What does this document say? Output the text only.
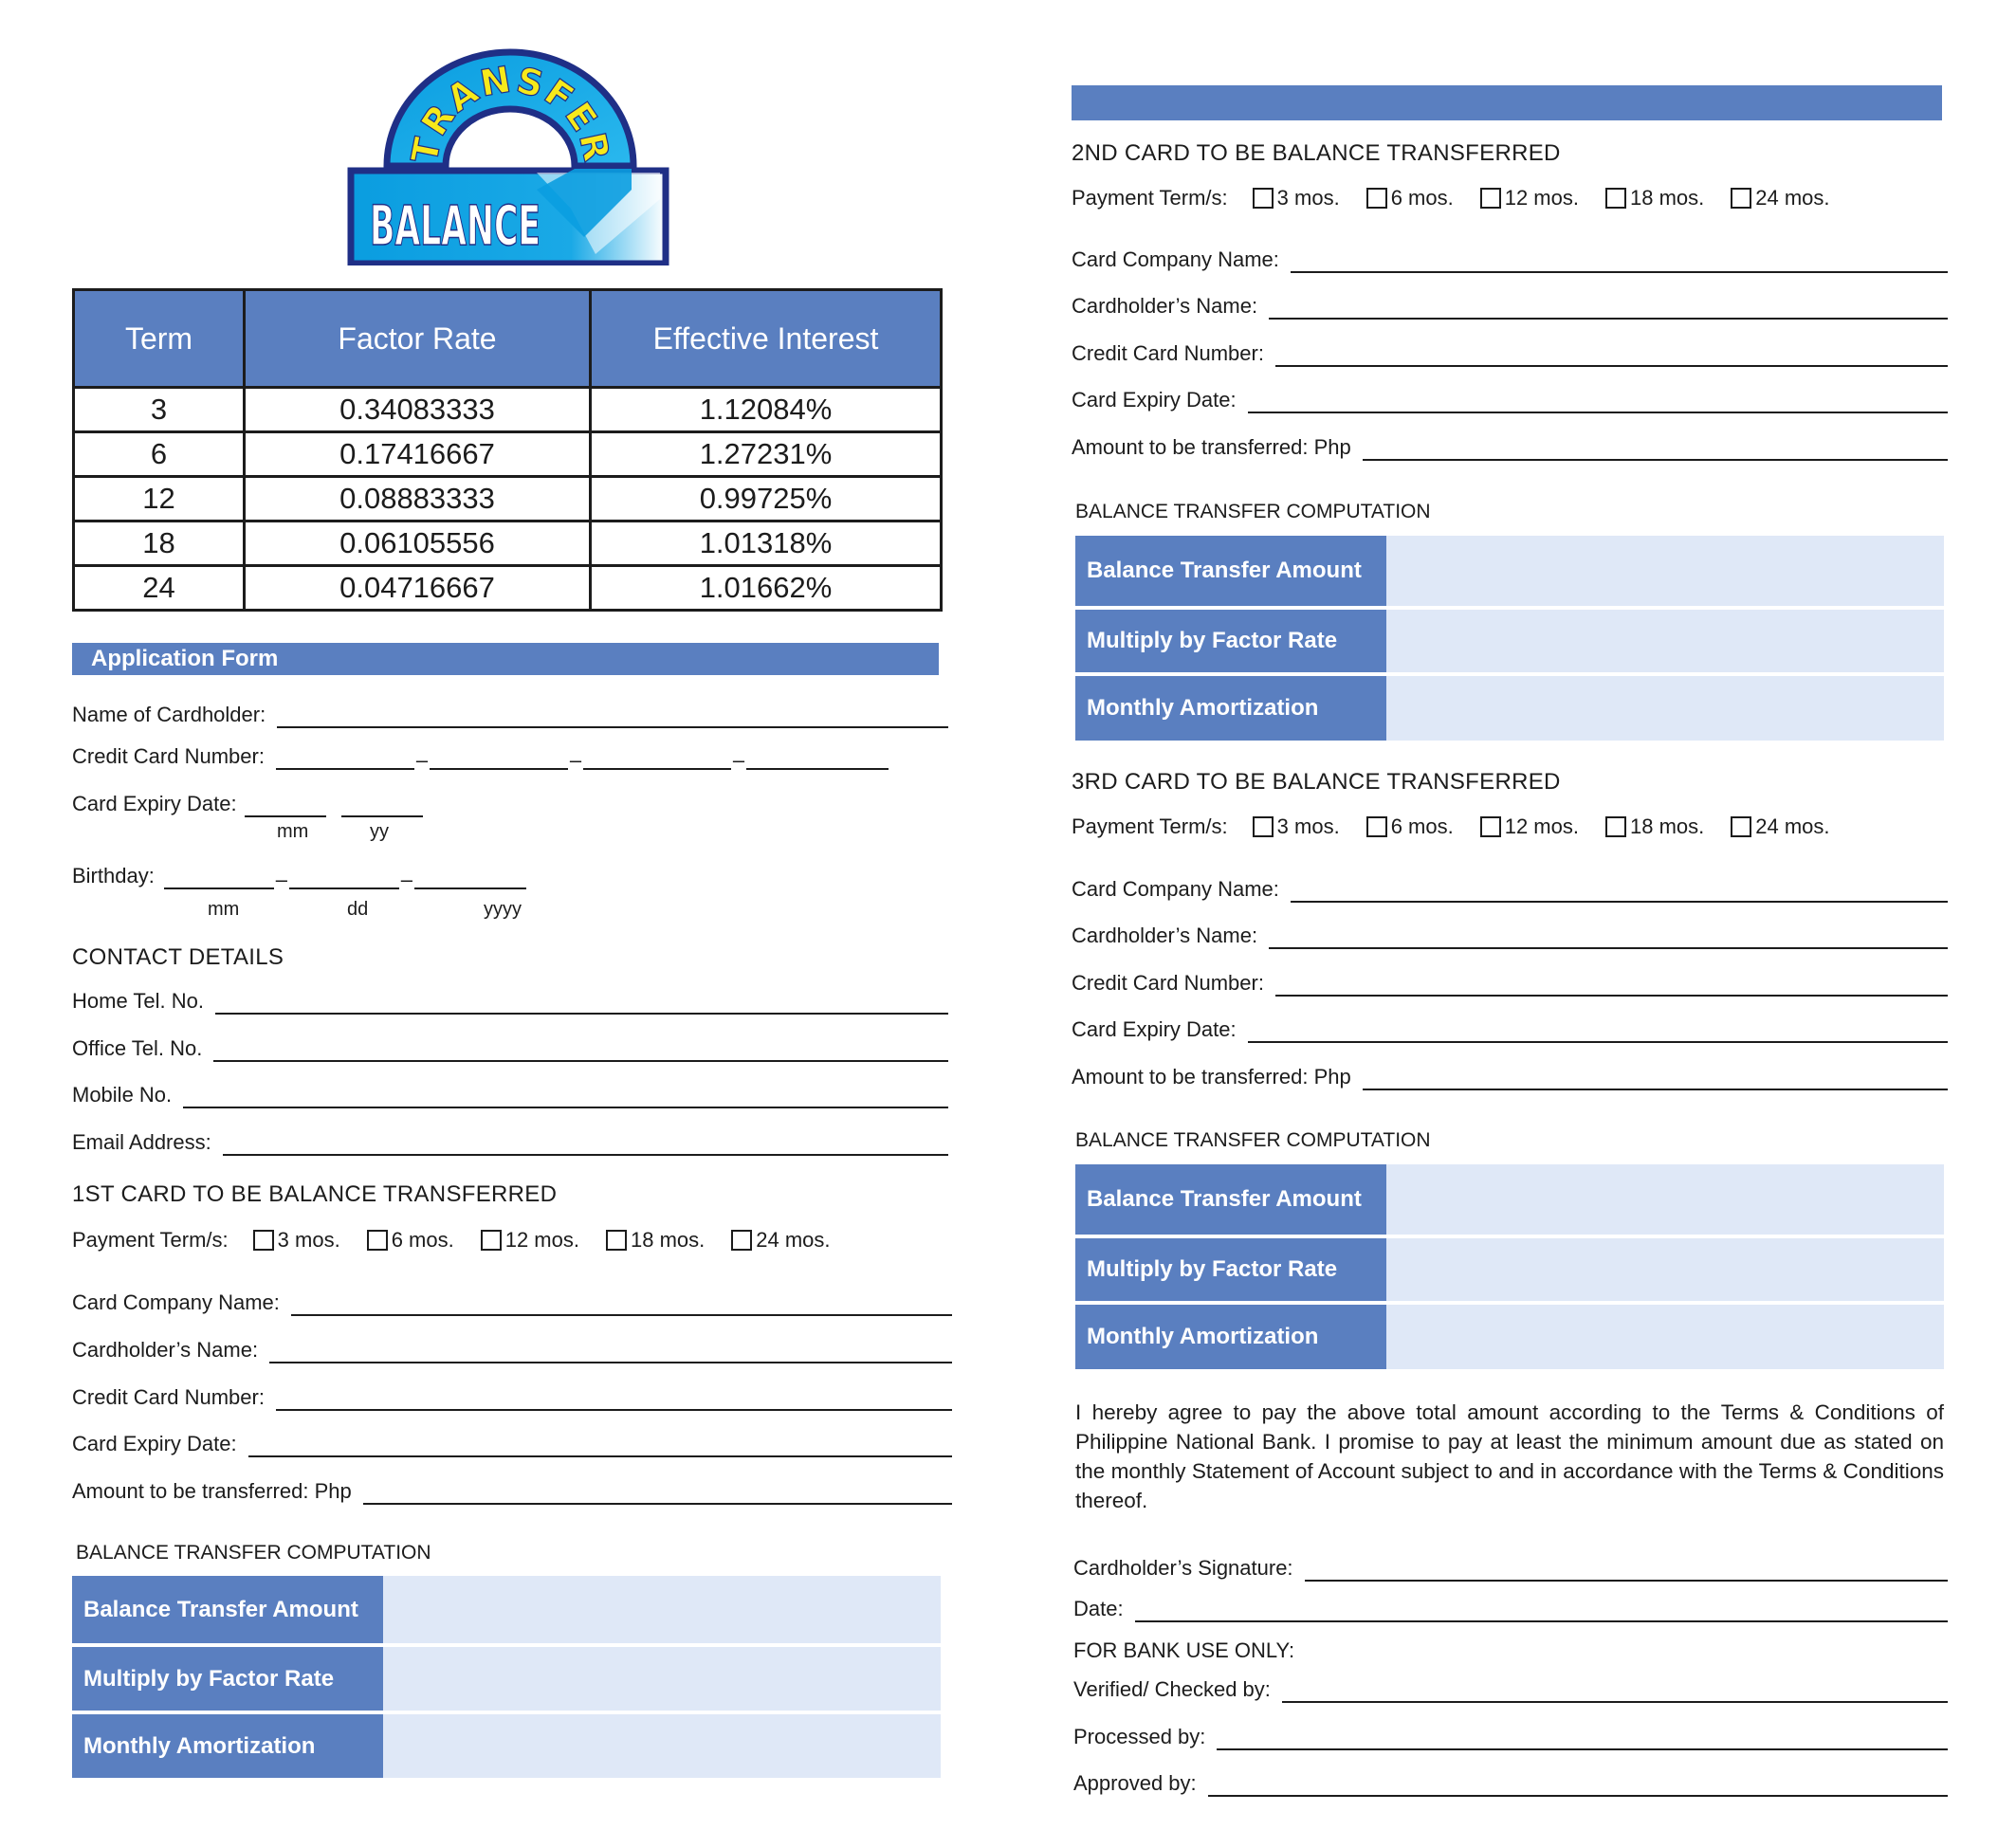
TRANSFER
BALANCE
Term	Factor Rate	Effective Interest
3	0.34083333	1.12084%
6	0.17416667	1.27231%
12	0.08883333	0.99725%
18	0.06105556	1.01318%
24	0.04716667	1.01662%
Application Form
Name of Cardholder:
Credit Card Number:	–	–	–
Card Expiry Date:
mm	yy
Birthday:	–	–
mm	dd	yyyy
CONTACT DETAILS
Home Tel. No.
Office Tel. No.
Mobile No.
Email Address:
1ST CARD TO BE BALANCE TRANSFERRED
Payment Term/s: 3 mos. 6 mos. 12 mos. 18 mos. 24 mos.
Card Company Name:
Cardholder’s Name:
Credit Card Number:
Card Expiry Date:
Amount to be transferred: Php
BALANCE TRANSFER COMPUTATION
Balance Transfer Amount
Multiply by Factor Rate
Monthly Amortization
2ND CARD TO BE BALANCE TRANSFERRED
Payment Term/s: 3 mos. 6 mos. 12 mos. 18 mos. 24 mos.
Card Company Name:
Cardholder’s Name:
Credit Card Number:
Card Expiry Date:
Amount to be transferred: Php
BALANCE TRANSFER COMPUTATION
Balance Transfer Amount
Multiply by Factor Rate
Monthly Amortization
3RD CARD TO BE BALANCE TRANSFERRED
Payment Term/s: 3 mos. 6 mos. 12 mos. 18 mos. 24 mos.
Card Company Name:
Cardholder’s Name:
Credit Card Number:
Card Expiry Date:
Amount to be transferred: Php
BALANCE TRANSFER COMPUTATION
Balance Transfer Amount
Multiply by Factor Rate
Monthly Amortization

I hereby agree to pay the above total amount according to the Terms & Conditions of Philippine National Bank. I promise to pay at least the minimum amount due as stated on the monthly Statement of Account subject to and in accordance with the Terms & Conditions thereof.

Cardholder’s Signature:
Date:
FOR BANK USE ONLY:
Verified/ Checked by:
Processed by:
Approved by:
